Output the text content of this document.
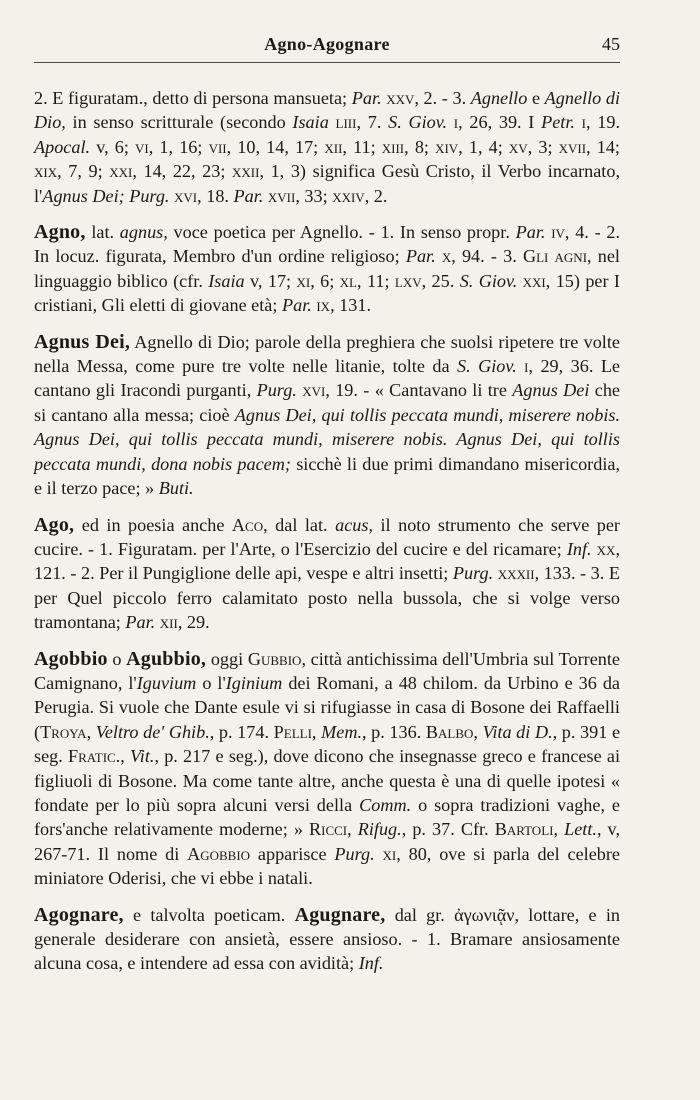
Agno-Agognare	45

2. E figuratam., detto di persona mansueta; Par. xxv, 2. - 3. Agnello e Agnello di Dio, in senso scritturale (secondo Isaia liii, 7. S. Giov. i, 26, 39. I Petr. i, 19. Apocal. v, 6; vi, 1, 16; vii, 10, 14, 17; xii, 11; xiii, 8; xiv, 1, 4; xv, 3; xvii, 14; xix, 7, 9; xxi, 14, 22, 23; xxii, 1, 3) significa Gesù Cristo, il Verbo incarnato, l'Agnus Dei; Purg. xvi, 18. Par. xvii, 33; xxiv, 2.

Agno, lat. agnus, voce poetica per Agnello. - 1. In senso propr. Par. iv, 4. - 2. In locuz. figurata, Membro d'un ordine religioso; Par. x, 94. - 3. Gli agni, nel linguaggio biblico (cfr. Isaia v, 17; xi, 6; xl, 11; lxv, 25. S. Giov. xxi, 15) per I cristiani, Gli eletti di giovane età; Par. ix, 131.

Agnus Dei, Agnello di Dio; parole della preghiera che suolsi ripetere tre volte nella Messa, come pure tre volte nelle litanie, tolte da S. Giov. i, 29, 36. Le cantano gli Iracondi purganti, Purg. xvi, 19. - « Cantavano li tre Agnus Dei che si cantano alla messa; cioè Agnus Dei, qui tollis peccata mundi, miserere nobis. Agnus Dei, qui tollis peccata mundi, miserere nobis. Agnus Dei, qui tollis peccata mundi, dona nobis pacem; sicchè li due primi dimandano misericordia, e il terzo pace; » Buti.

Ago, ed in poesia anche Aco, dal lat. acus, il noto strumento che serve per cucire. - 1. Figuratam. per l'Arte, o l'Esercizio del cucire e del ricamare; Inf. xx, 121. - 2. Per il Pungiglione delle api, vespe e altri insetti; Purg. xxxii, 133. - 3. E per Quel piccolo ferro calamitato posto nella bussola, che si volge verso tramontana; Par. xii, 29.

Agobbio o Agubbio, oggi Gubbio, città antichissima dell'Umbria sul Torrente Camignano, l'Iguvium o l'Iginium dei Romani, a 48 chilom. da Urbino e 36 da Perugia. Si vuole che Dante esule vi si rifugiasse in casa di Bosone dei Raffaelli (Troya, Veltro de' Ghib., p. 174. Pelli, Mem., p. 136. Balbo, Vita di D., p. 391 e seg. Fratic., Vit., p. 217 e seg.), dove dicono che insegnasse greco e francese ai figliuoli di Bosone. Ma come tante altre, anche questa è una di quelle ipotesi « fondate per lo più sopra alcuni versi della Comm. o sopra tradizioni vaghe, e fors'anche relativamente moderne; » Ricci, Rifug., p. 37. Cfr. Bartoli, Lett., v, 267-71. Il nome di Agobbio apparisce Purg. xi, 80, ove si parla del celebre miniatore Oderisi, che vi ebbe i natali.

Agognare, e talvolta poeticam. Agugnare, dal gr. ἀγωνιᾷν, lottare, e in generale desiderare con ansietà, essere ansioso. - 1. Bramare ansiosamente alcuna cosa, e intendere ad essa con avidità; Inf.
